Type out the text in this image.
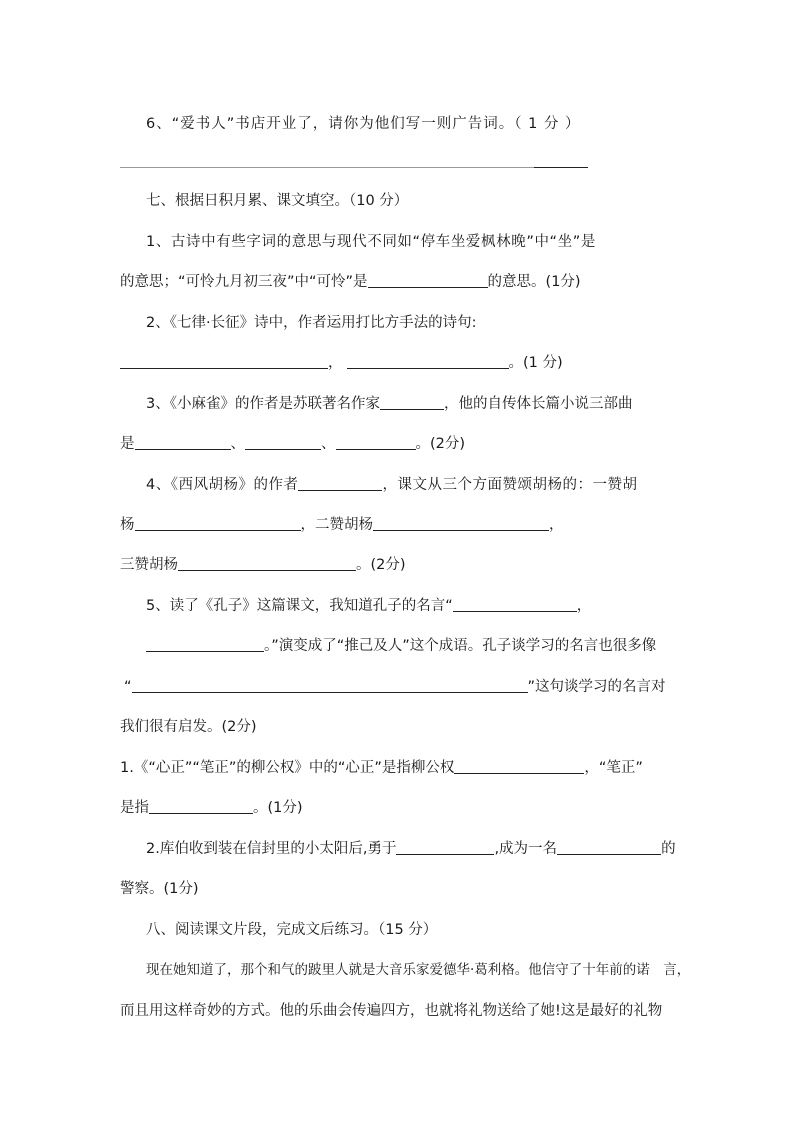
6、“爱书人”书店开业了，请你为他们写一则广告词。（ 1 分 ）
七、根据日积月累、课文填空。（10 分）
1、古诗中有些字词的意思与现代不同如“停车坐爱枫林晚”中“坐”是
的意思；“可怜九月初三夜”中“可怜”是	的意思。(1分)
2、《七律·长征》诗中，作者运用打比方手法的诗句:
，	。(1 分)
3、《小麻雀》的作者是苏联著名作家	，他的自传体长篇小说三部曲
是	、	、	。(2分)
4、《西风胡杨》的作者	，课文从三个方面赞颂胡杨的：一赞胡
杨	，二赞胡杨	，
三赞胡杨	。(2分)
5、读了《孔子》这篇课文，我知道孔子的名言“	，
。”演变成了“推己及人”这个成语。孔子谈学习的名言也很多像
“	”这句谈学习的名言对
我们很有启发。(2分)
1.《“心正”“笔正”的柳公权》中的“心正”是指柳公权	，“笔正”
是指	。(1分)
2.库伯收到装在信封里的小太阳后,勇于	,成为一名	的
警察。(1分)
八、阅读课文片段，完成文后练习。（15 分）
现在她知道了，那个和气的跛里人就是大音乐家爱德华·葛利格。他信守了十年前的诺　言，
而且用这样奇妙的方式。他的乐曲会传遍四方，也就将礼物送给了她!这是最好的礼物
